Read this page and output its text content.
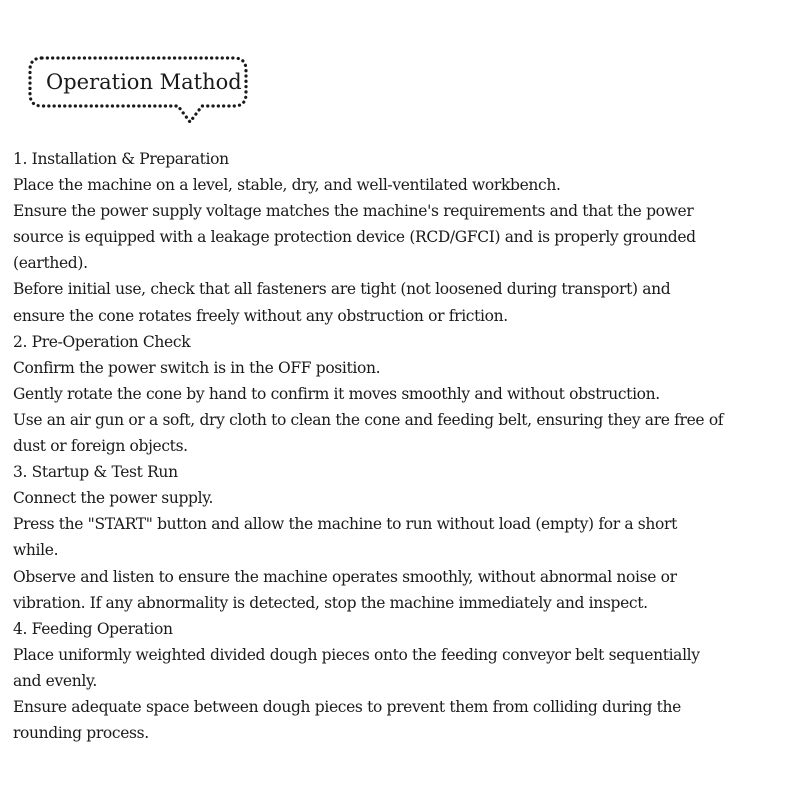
Operation Mathod
1. Installation & Preparation
Place the machine on a level, stable, dry, and well-ventilated workbench.
Ensure the power supply voltage matches the machine's requirements and that the power
source is equipped with a leakage protection device (RCD/GFCI) and is properly grounded
(earthed).
Before initial use, check that all fasteners are tight (not loosened during transport) and
ensure the cone rotates freely without any obstruction or friction.
2. Pre-Operation Check
Confirm the power switch is in the OFF position.
Gently rotate the cone by hand to confirm it moves smoothly and without obstruction.
Use an air gun or a soft, dry cloth to clean the cone and feeding belt, ensuring they are free of
dust or foreign objects.
3. Startup & Test Run
Connect the power supply.
Press the "START" button and allow the machine to run without load (empty) for a short
while.
Observe and listen to ensure the machine operates smoothly, without abnormal noise or
vibration. If any abnormality is detected, stop the machine immediately and inspect.
4. Feeding Operation
Place uniformly weighted divided dough pieces onto the feeding conveyor belt sequentially
and evenly.
Ensure adequate space between dough pieces to prevent them from colliding during the
rounding process.
